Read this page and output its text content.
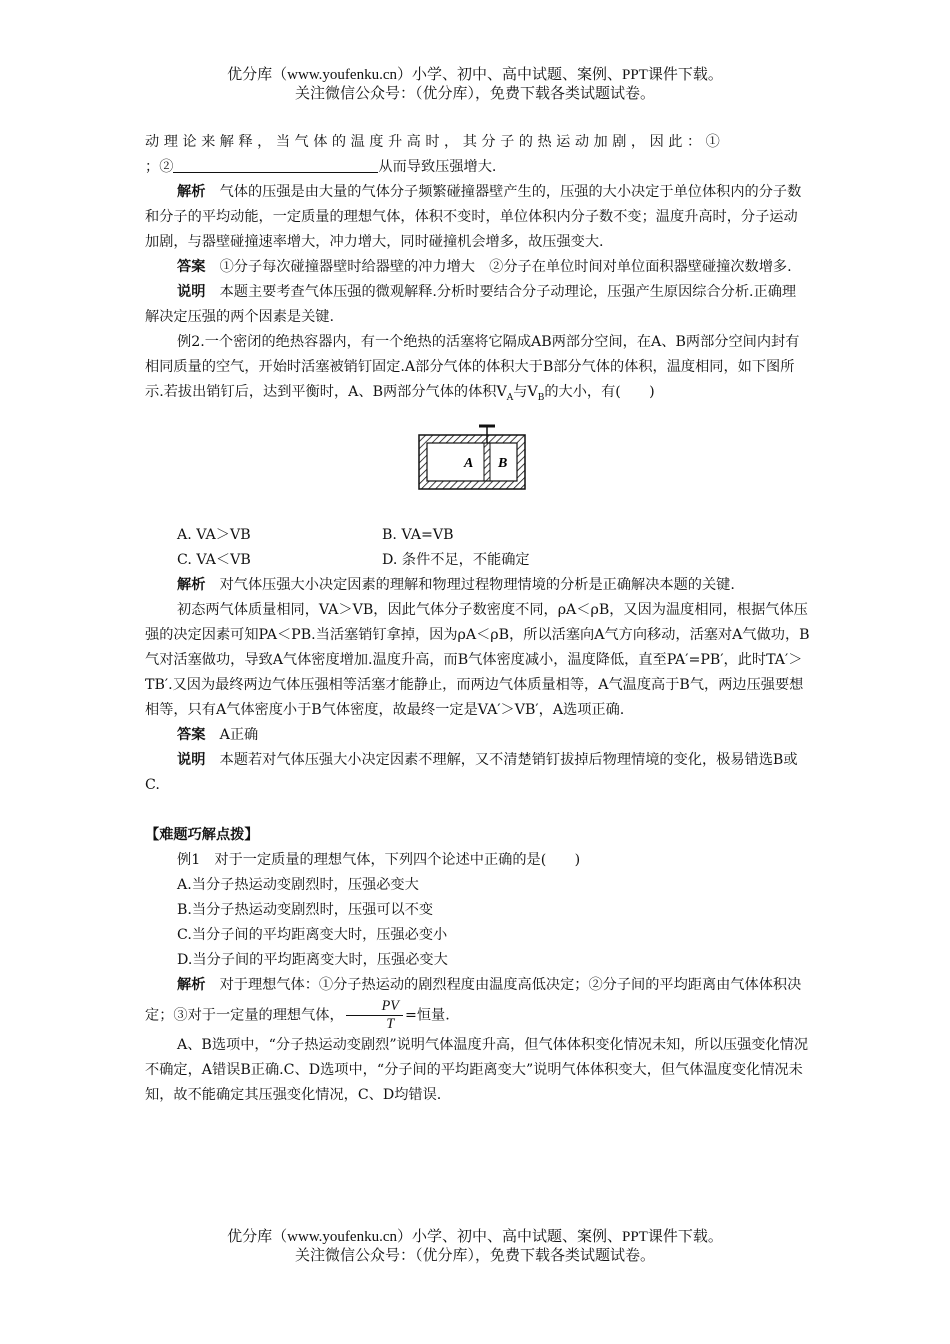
优分库（www.youfenku.cn）小学、初中、高中试题、案例、PPT课件下载。
关注微信公众号：（优分库），免费下载各类试题试卷。

动理论来解释，当气体的温度升高时，其分子的热运动加剧，因此：①

；②	从而导致压强增大.

解析　 气体的压强是由大量的气体分子频繁碰撞器壁产生的，压强的大小决定于单位体积内的分子数和分子的平均动能，一定质量的理想气体，体积不变时，单位体积内分子数不变；温度升高时，分子运动加剧，与器壁碰撞速率增大，冲力增大，同时碰撞机会增多，故压强变大.

答案　 ①分子每次碰撞器壁时给器壁的冲力增大　②分子在单位时间对单位面积器壁碰撞次数增多.

说明　 本题主要考查气体压强的微观解释.分析时要结合分子动理论，压强产生原因综合分析.正确理解决定压强的两个因素是关键.

例2.一个密闭的绝热容器内，有一个绝热的活塞将它隔成AB两部分空间，在A、B两部分空间内封有相同质量的空气，开始时活塞被销钉固定.A部分气体的体积大于B部分气体的体积，温度相同，如下图所示.若拔出销钉后，达到平衡时，A、B两部分气体的体积$V_A$与$V_B$的大小，有(　　)

A B
A. VA＞VB	B. VA=VB
C. VA＜VB	D. 条件不足，不能确定

解析　 对气体压强大小决定因素的理解和物理过程物理情境的分析是正确解决本题的关键.

初态两气体质量相同，VA＞VB，因此气体分子数密度不同，ρA＜ρB，又因为温度相同，根据气体压强的决定因素可知PA＜PB.当活塞销钉拿掉，因为ρA＜ρB，所以活塞向A气方向移动，活塞对A气做功，B气对活塞做功，导致A气体密度增加.温度升高，而B气体密度减小，温度降低，直至PA′=PB′，此时TA′＞TB′.又因为最终两边气体压强相等活塞才能静止，而两边气体质量相等，A气温度高于B气，两边压强要想相等，只有A气体密度小于B气体密度，故最终一定是VA′＞VB′，A选项正确.

答案　 A正确

说明　 本题若对气体压强大小决定因素不理解，又不清楚销钉拔掉后物理情境的变化，极易错选B或C.

【难题巧解点拨】

例1　对于一定质量的理想气体，下列四个论述中正确的是(　　)

A.当分子热运动变剧烈时，压强必变大

B.当分子热运动变剧烈时，压强可以不变

C.当分子间的平均距离变大时，压强必变小

D.当分子间的平均距离变大时，压强必变大

解析　 对于理想气体：①分子热运动的剧烈程度由温度高低决定；②分子间的平均距离由气体体积决定；③对于一定量的理想气体， $\frac{PV}{T}$ =恒量.

A、B选项中，“分子热运动变剧烈”说明气体温度升高，但气体体积变化情况未知，所以压强变化情况不确定，A错误B正确.C、D选项中，“分子间的平均距离变大”说明气体体积变大，但气体温度变化情况未知，故不能确定其压强变化情况，C、D均错误.

优分库（www.youfenku.cn）小学、初中、高中试题、案例、PPT课件下载。
关注微信公众号：（优分库），免费下载各类试题试卷。
